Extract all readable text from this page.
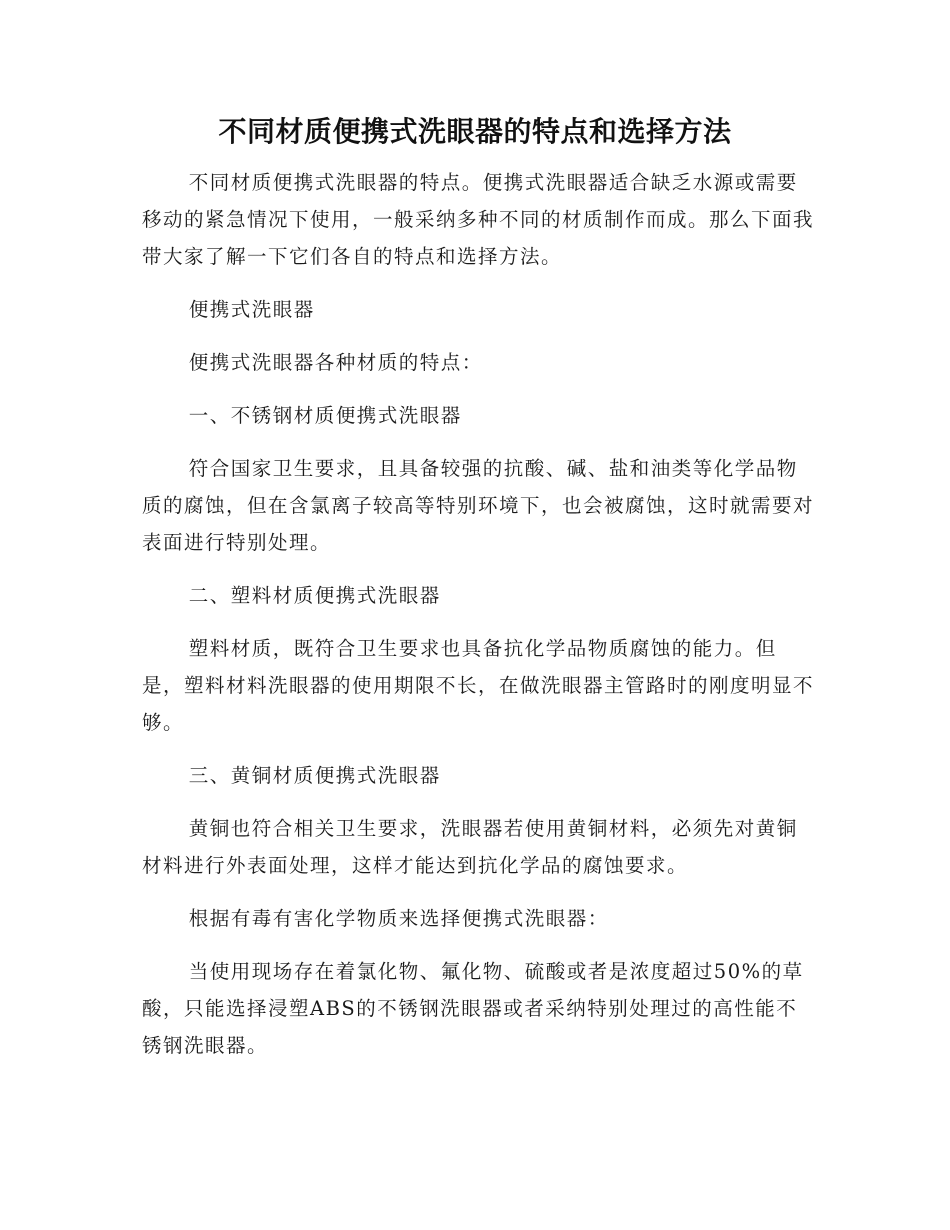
不同材质便携式洗眼器的特点和选择方法

不同材质便携式洗眼器的特点。便携式洗眼器适合缺乏水源或需要移动的紧急情况下使用，一般采纳多种不同的材质制作而成。那么下面我带大家了解一下它们各自的特点和选择方法。

便携式洗眼器

便携式洗眼器各种材质的特点：

一、不锈钢材质便携式洗眼器

符合国家卫生要求，且具备较强的抗酸、碱、盐和油类等化学品物质的腐蚀，但在含氯离子较高等特别环境下，也会被腐蚀，这时就需要对表面进行特别处理。

二、塑料材质便携式洗眼器

塑料材质，既符合卫生要求也具备抗化学品物质腐蚀的能力。但是，塑料材料洗眼器的使用期限不长，在做洗眼器主管路时的刚度明显不够。

三、黄铜材质便携式洗眼器

黄铜也符合相关卫生要求，洗眼器若使用黄铜材料，必须先对黄铜材料进行外表面处理，这样才能达到抗化学品的腐蚀要求。

根据有毒有害化学物质来选择便携式洗眼器：

当使用现场存在着氯化物、氟化物、硫酸或者是浓度超过50%的草酸，只能选择浸塑ABS的不锈钢洗眼器或者采纳特别处理过的高性能不锈钢洗眼器。
